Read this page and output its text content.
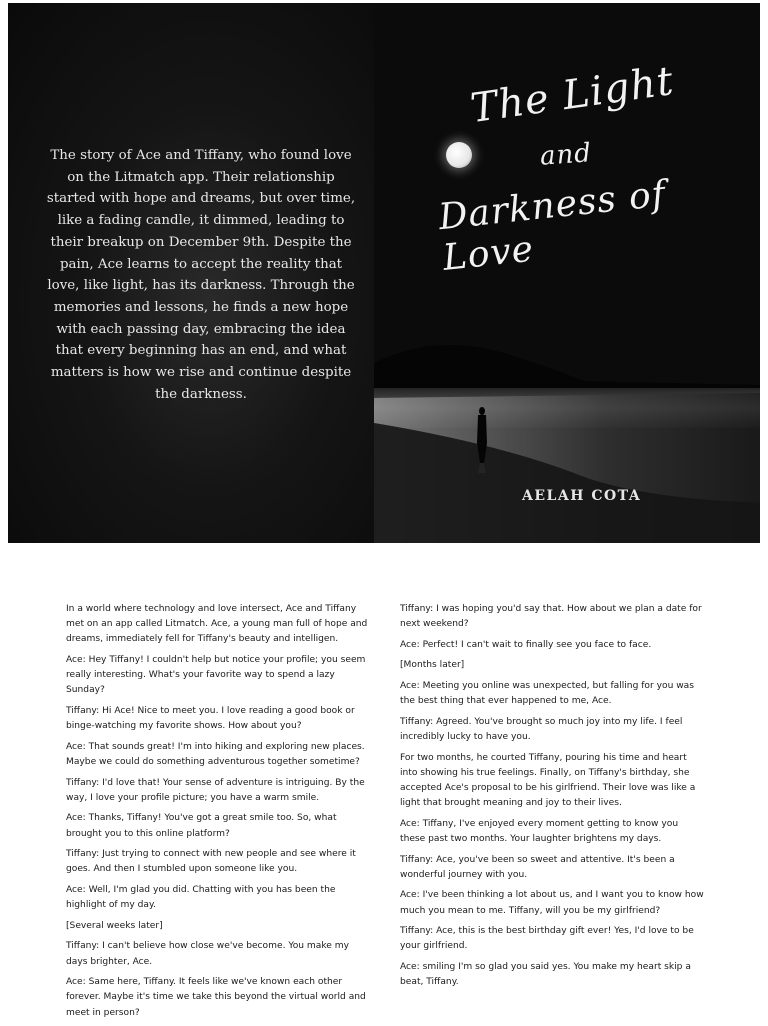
The story of Ace and Tiffany, who found love on the Litmatch app. Their relationship started with hope and dreams, but over time, like a fading candle, it dimmed, leading to their breakup on December 9th. Despite the pain, Ace learns to accept the reality that love, like light, has its darkness. Through the memories and lessons, he finds a new hope with each passing day, embracing the idea that every beginning has an end, and what matters is how we rise and continue despite the darkness.

The Light
and
Darkness of Love
AELAH COTA

In a world where technology and love intersect, Ace and Tiffany met on an app called Litmatch. Ace, a young man full of hope and dreams, immediately fell for Tiffany's beauty and intelligen.

Ace: Hey Tiffany! I couldn't help but notice your profile; you seem really interesting. What's your favorite way to spend a lazy Sunday?

Tiffany: Hi Ace! Nice to meet you. I love reading a good book or binge-watching my favorite shows. How about you?

Ace: That sounds great! I'm into hiking and exploring new places. Maybe we could do something adventurous together sometime?

Tiffany: I'd love that! Your sense of adventure is intriguing. By the way, I love your profile picture; you have a warm smile.

Ace: Thanks, Tiffany! You've got a great smile too. So, what brought you to this online platform?

Tiffany: Just trying to connect with new people and see where it goes. And then I stumbled upon someone like you.

Ace: Well, I'm glad you did. Chatting with you has been the highlight of my day.

[Several weeks later]

Tiffany: I can't believe how close we've become. You make my days brighter, Ace.

Ace: Same here, Tiffany. It feels like we've known each other forever. Maybe it's time we take this beyond the virtual world and meet in person?

Tiffany: I was hoping you'd say that. How about we plan a date for next weekend?

Ace: Perfect! I can't wait to finally see you face to face.

[Months later]

Ace: Meeting you online was unexpected, but falling for you was the best thing that ever happened to me, Ace.

Tiffany: Agreed. You've brought so much joy into my life. I feel incredibly lucky to have you.

For two months, he courted Tiffany, pouring his time and heart into showing his true feelings. Finally, on Tiffany's birthday, she accepted Ace's proposal to be his girlfriend. Their love was like a light that brought meaning and joy to their lives.

Ace: Tiffany, I've enjoyed every moment getting to know you these past two months. Your laughter brightens my days.

Tiffany: Ace, you've been so sweet and attentive. It's been a wonderful journey with you.

Ace: I've been thinking a lot about us, and I want you to know how much you mean to me. Tiffany, will you be my girlfriend?

Tiffany: Ace, this is the best birthday gift ever! Yes, I'd love to be your girlfriend.

Ace: smiling I'm so glad you said yes. You make my heart skip a beat, Tiffany.
